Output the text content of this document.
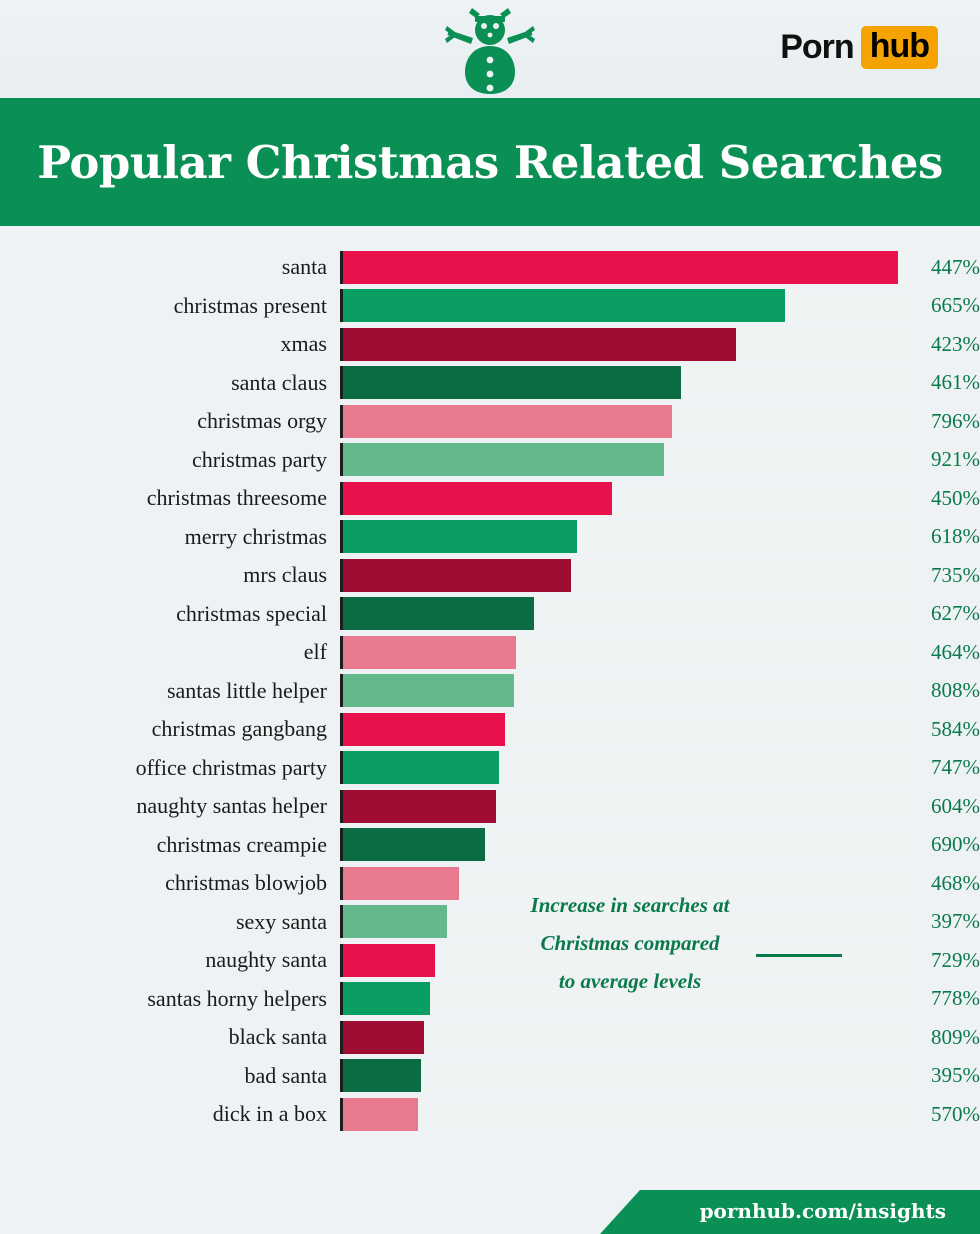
Porn hub
Popular Christmas Related Searches
santa	447%
christmas present	665%
xmas	423%
santa claus	461%
christmas orgy	796%
christmas party	921%
christmas threesome	450%
merry christmas	618%
mrs claus	735%
christmas special	627%
elf	464%
santas little helper	808%
christmas gangbang	584%
office christmas party	747%
naughty santas helper	604%
christmas creampie	690%
christmas blowjob	468%
sexy santa	397%
naughty santa	729%
santas horny helpers	778%
black santa	809%
bad santa	395%
dick in a box	570%
Increase in searches at
Christmas compared
to average levels
pornhub.com/insights
